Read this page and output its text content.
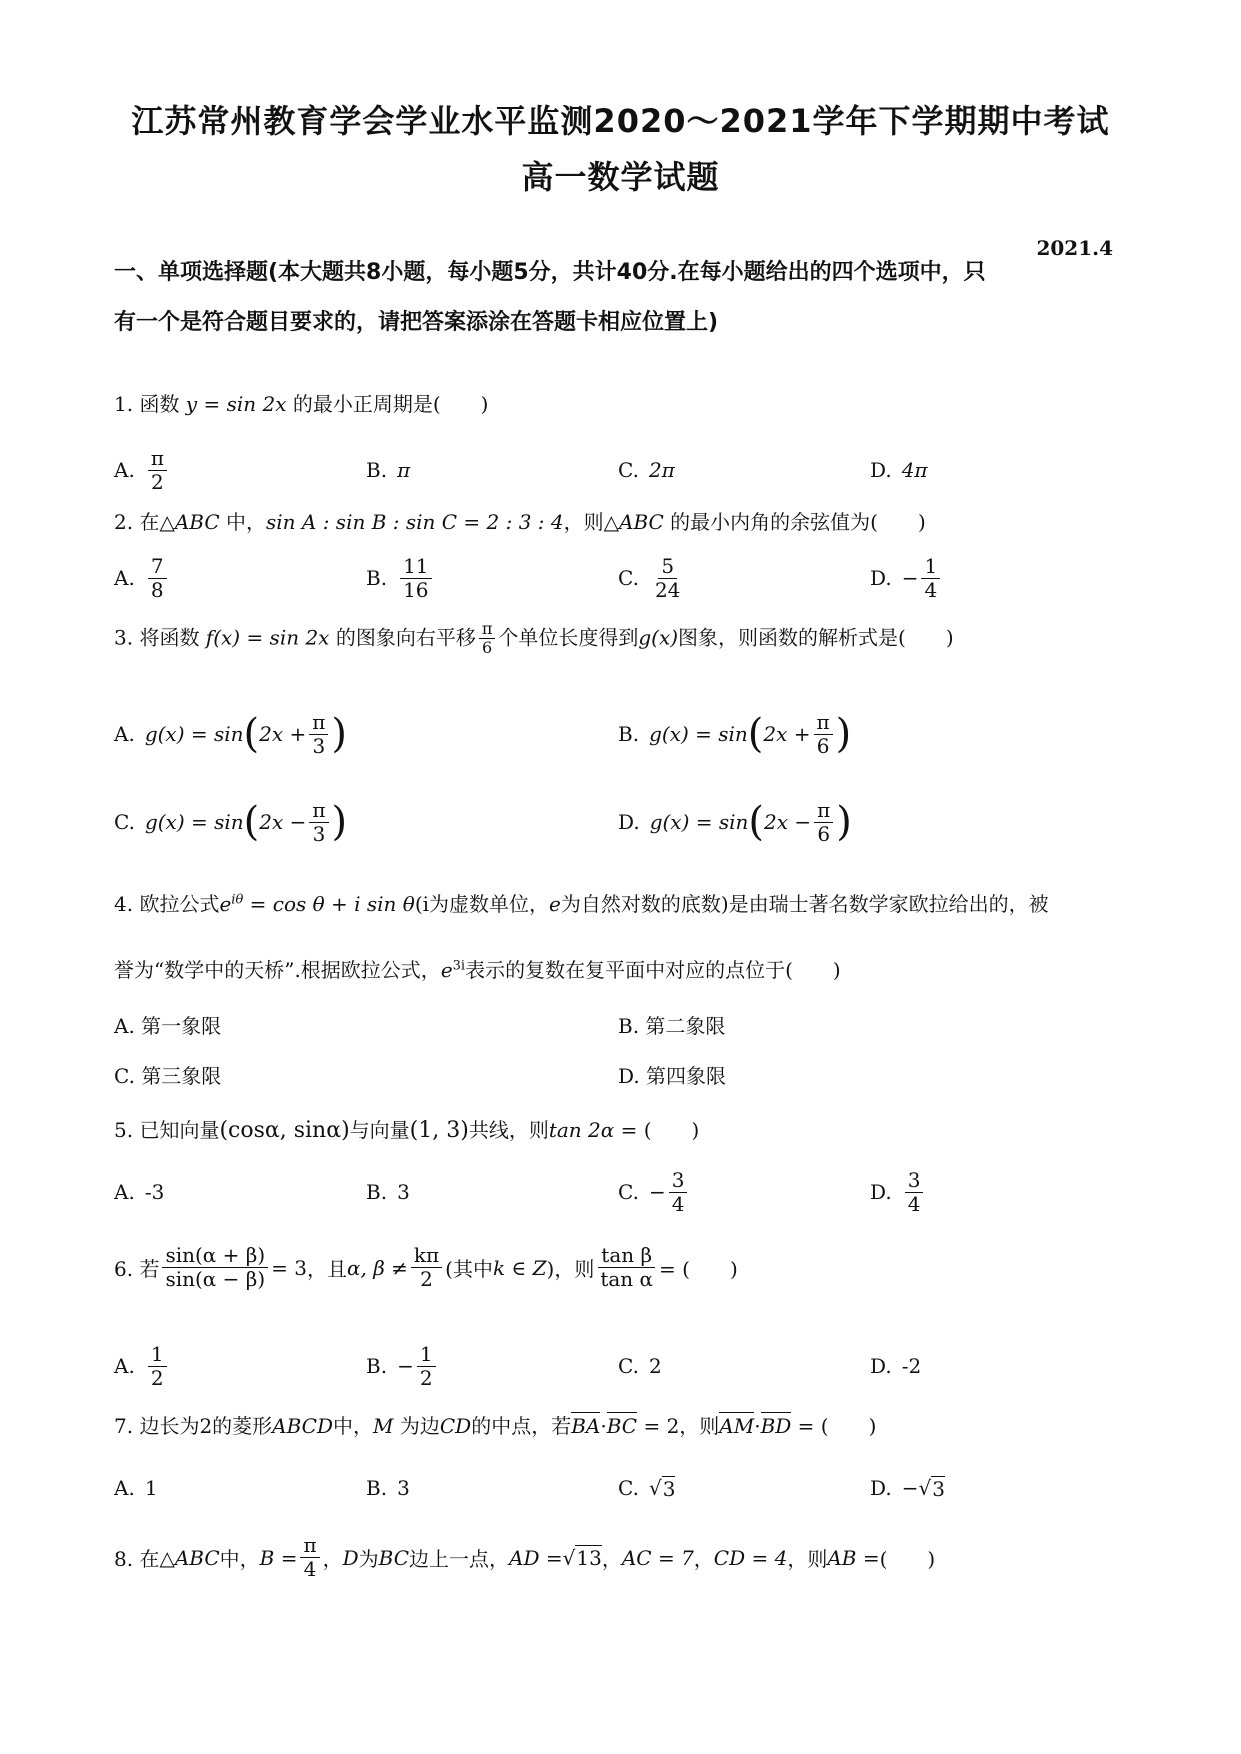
江苏常州教育学会学业水平监测2020～2021学年下学期期中考试
高一数学试题
2021.4
一、单项选择题(本大题共8小题，每小题5分，共计40分.在每小题给出的四个选项中，只
有一个是符合题目要求的，请把答案添涂在答题卡相应位置上)
1. 函数 y = sin 2x 的最小正周期是(　　)
A. $\frac{\pi}{2}$	B. π	C. 2π	D. 4π
2. 在△ABC 中，sin A : sin B : sin C = 2 : 3 : 4，则△ABC 的最小内角的余弦值为(　　)
A. $\frac{7}{8}$	B. $\frac{11}{16}$	C. $\frac{5}{24}$	D. − $\frac{1}{4}$
3. 将函数 f(x) = sin 2x 的图象向右平移 $\frac{\pi}{6}$ 个单位长度得到g(x)图象，则函数的解析式是(　　)
A. g(x) = sin ( $2x + \frac{\pi}{3}$ )	B. g(x) = sin ( $2x + \frac{\pi}{6}$ )
C. g(x) = sin ( $2x - \frac{\pi}{3}$ )	D. g(x) = sin ( $2x - \frac{\pi}{6}$ )
4. 欧拉公式$e^{i\theta} = \cos \theta + i$ sin θ(i为虚数单位，e为自然对数的底数)是由瑞士著名数学家欧拉给出的，被
誉为“数学中的天桥”.根据欧拉公式，$e^{3i}$表示的复数在复平面中对应的点位于(　　)
A. 第一象限	B. 第二象限
C. 第三象限	D. 第四象限
5. 已知向量(cosα, sinα)与向量(1, 3)共线，则tan 2α = (　　)
A. -3	B. 3	C. − $\frac{3}{4}$	D. $\frac{3}{4}$
6. 若 $\frac{\sin(\alpha + \beta)}{\sin(\alpha - \beta)} = 3$ ，且 α, $\beta \ne \frac{k\pi}{2}$ (其中 k ∈ Z )，则 $\frac{\text{tan β}}{\text{tan α}}$ = (　　)
A. $\frac{1}{2}$	B. − $\frac{1}{2}$	C. 2	D. -2
7. 边长为2的菱形ABCD中，M 为边CD的中点，若BA·BC = 2，则AM·BD = (　　)
A. 1	B. 3	C. √ 3	D. − √ 3
8. 在 △ABC 中， $B = \frac{\pi}{4}$ ， D 为 BC 边上一点， AD = √ 13 ， AC = 7 ， CD = 4 ，则 AB = (　　)
